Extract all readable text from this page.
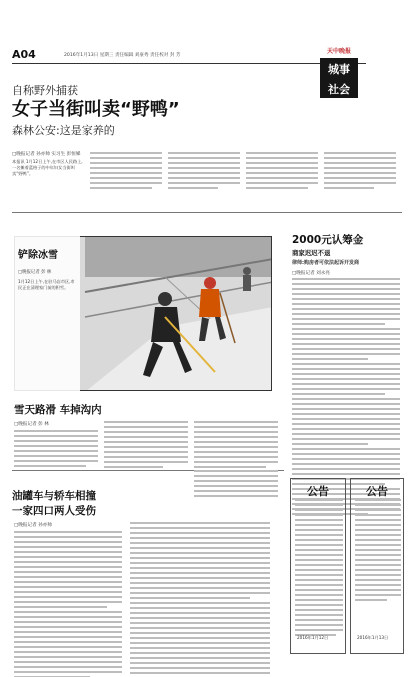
A04	2016年1月13日 星期三 责任编辑 刘豪秀 责任校对 封 芳
天中晚报
城事
社会
自称野外捕获
女子当街叫卖“野鸭”
森林公安:这是家养的
□晚报记者 孙亦帅 实习生 彭恒娣
本报讯 1月12日上午,在市区人民路上,一名摊着蓝格子的中年妇女当街叫卖“野鸭”。
铲除冰雪
□晚报记者 彭 林
1月12日上午,在驻马店市区,市民正在清理家门前的积雪。
2000元认筹金
商家迟迟不退
律师:购房者可依法起诉开发商
□晚报记者 刘永亮
雪天路滑 车掉沟内
□晚报记者 彭 林
油罐车与轿车相撞
一家四口两人受伤
□晚报记者 孙亦帅
公告
2016年1月12日
公告
2016年1月13日
